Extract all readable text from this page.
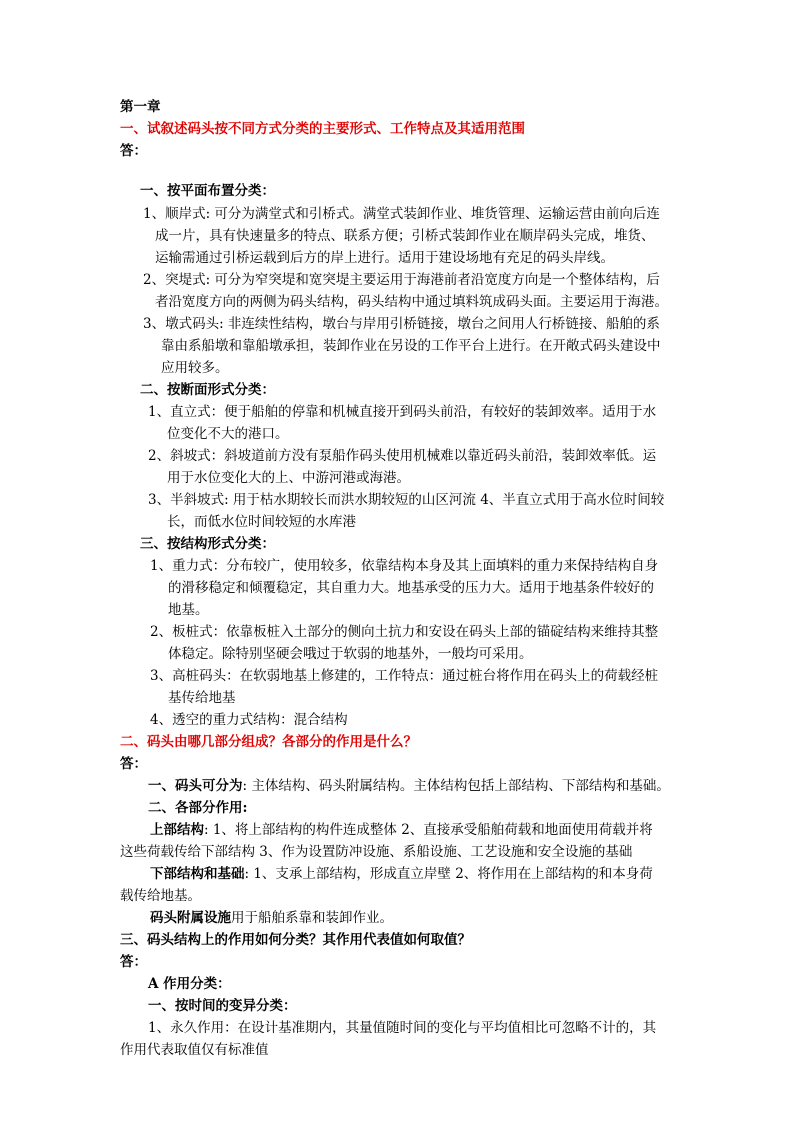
第一章
一、试叙述码头按不同方式分类的主要形式、工作特点及其适用范围
答：
一、按平面布置分类：
1、顺岸式: 可分为满堂式和引桥式。满堂式装卸作业、堆货管理、运输运营由前向后连
成一片，具有快速量多的特点、联系方便；引桥式装卸作业在顺岸码头完成，堆货、
运输需通过引桥运载到后方的岸上进行。适用于建设场地有充足的码头岸线。
2、突堤式: 可分为窄突堤和宽突堤主要运用于海港前者沿宽度方向是一个整体结构，后
者沿宽度方向的两侧为码头结构，码头结构中通过填料筑成码头面。主要运用于海港。
3、墩式码头: 非连续性结构，墩台与岸用引桥链接，墩台之间用人行桥链接、船舶的系
靠由系船墩和靠船墩承担，装卸作业在另设的工作平台上进行。在开敞式码头建设中
应用较多。
二、按断面形式分类：
1、直立式：便于船舶的停靠和机械直接开到码头前沿，有较好的装卸效率。适用于水
位变化不大的港口。
2、斜坡式：斜坡道前方没有泵船作码头使用机械难以靠近码头前沿，装卸效率低。运
用于水位变化大的上、中游河港或海港。
3、半斜坡式: 用于枯水期较长而洪水期较短的山区河流 4、半直立式用于高水位时间较
长，而低水位时间较短的水库港
三、按结构形式分类：
1、重力式：分布较广，使用较多，依靠结构本身及其上面填料的重力来保持结构自身
的滑移稳定和倾覆稳定，其自重力大。地基承受的压力大。适用于地基条件较好的
地基。
2、板桩式：依靠板桩入土部分的侧向土抗力和安设在码头上部的锚碇结构来维持其整
体稳定。除特别坚硬会哦过于软弱的地基外，一般均可采用。
3、高桩码头：在软弱地基上修建的，工作特点：通过桩台将作用在码头上的荷载经桩
基传给地基
4、透空的重力式结构：混合结构
二、码头由哪几部分组成？各部分的作用是什么？
答：
一、码头可分为: 主体结构、码头附属结构。主体结构包括上部结构、下部结构和基础。
二、各部分作用:
上部结构: 1、将上部结构的构件连成整体 2、直接承受船舶荷载和地面使用荷载并将
这些荷载传给下部结构 3、作为设置防冲设施、系船设施、工艺设施和安全设施的基础
下部结构和基础: 1、支承上部结构，形成直立岸壁 2、将作用在上部结构的和本身荷
载传给地基。
码头附属设施用于船舶系靠和装卸作业。
三、码头结构上的作用如何分类？其作用代表值如何取值？
答：
A 作用分类：
一、按时间的变异分类：
1、永久作用：在设计基准期内，其量值随时间的变化与平均值相比可忽略不计的，其
作用代表取值仅有标准值
